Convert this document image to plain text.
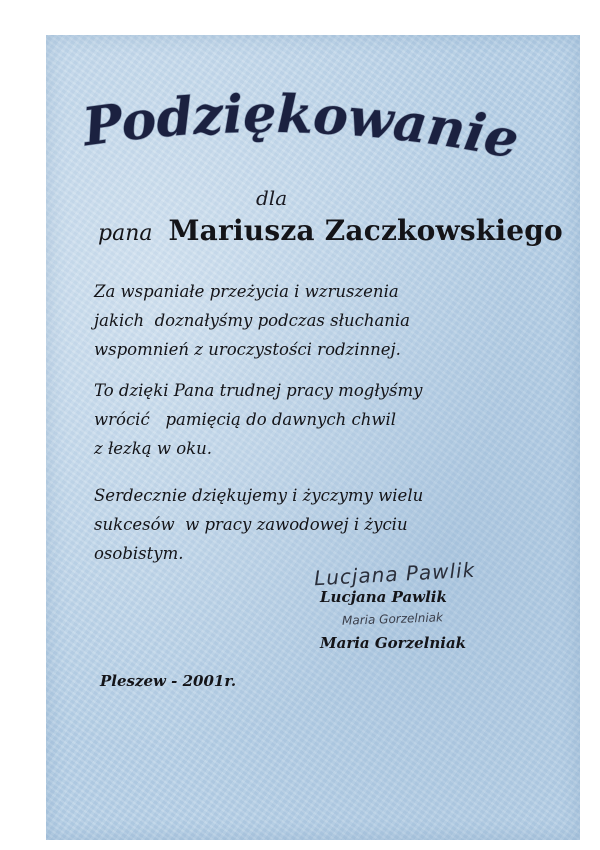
Podziękowanie
dla
pana Mariusza Zaczkowskiego
Za wspaniałe przeżycia i wzruszenia
jakich  doznałyśmy podczas słuchania
wspomnień z uroczystości rodzinnej.
To dzięki Pana trudnej pracy mogłyśmy
wrócić   pamięcią do dawnych chwil
z łezką w oku.
Serdecznie dziękujemy i życzymy wielu
sukcesów  w pracy zawodowej i życiu
osobistym.
Lucjana Pawlik
Lucjana Pawlik
Maria Gorzelniak
Maria Gorzelniak
Pleszew - 2001r.
